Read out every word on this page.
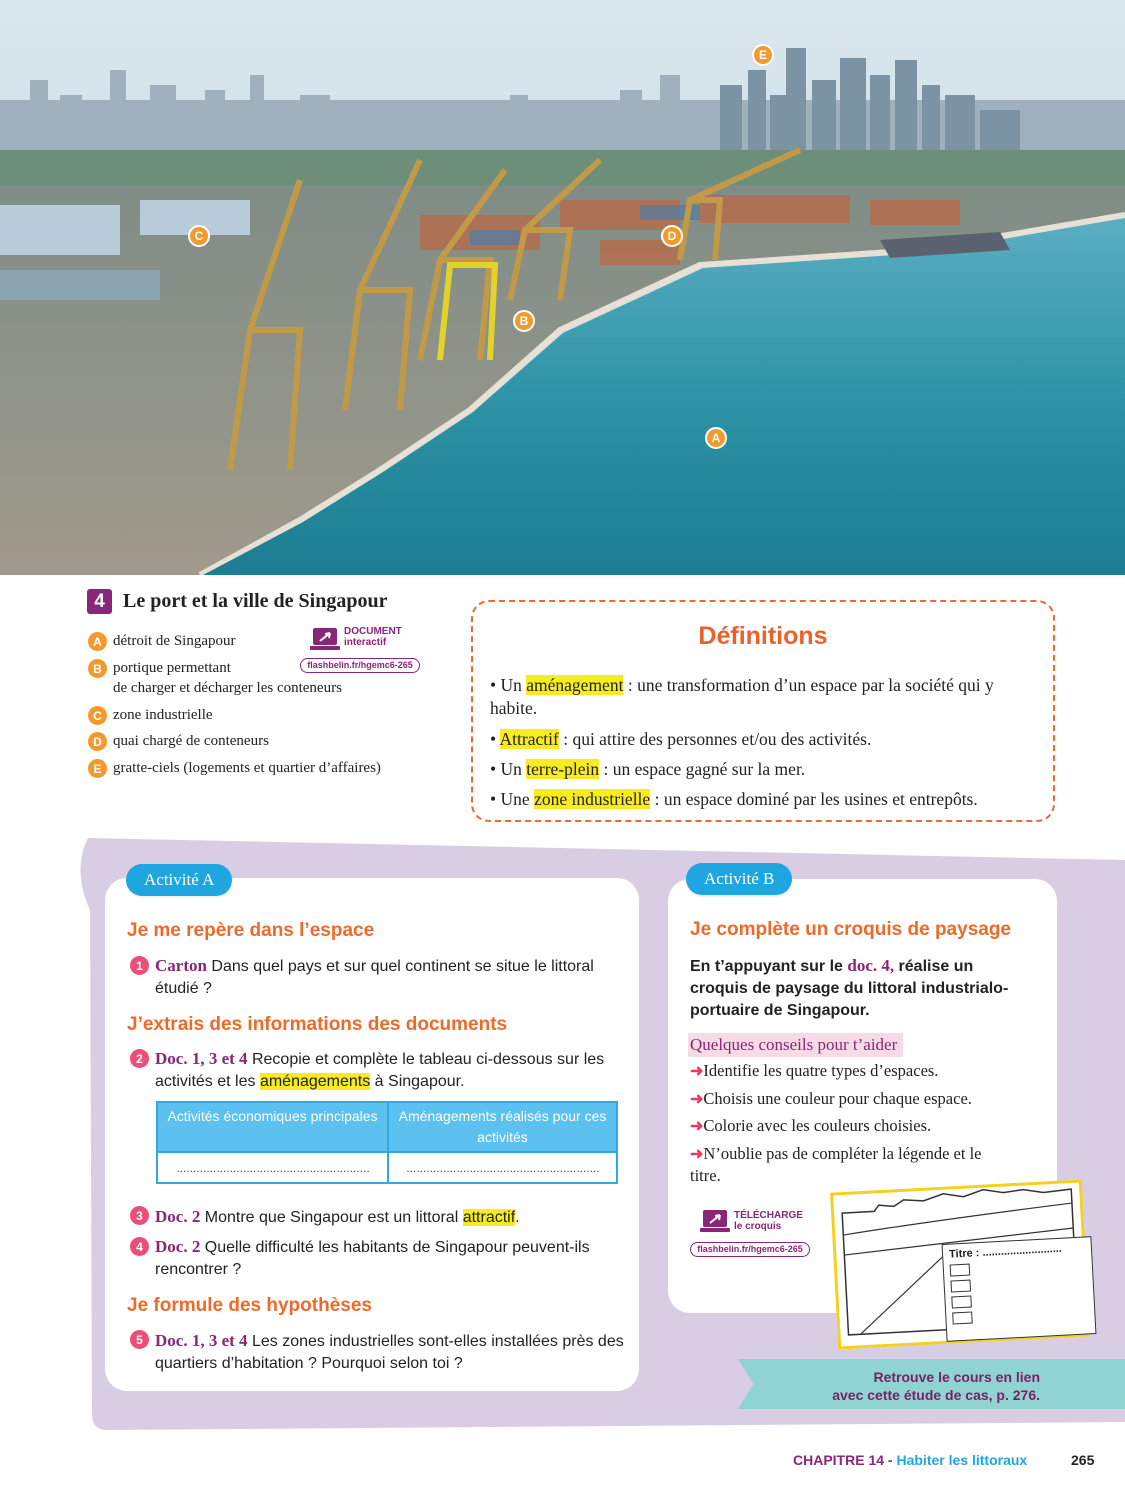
E
C	D
B
A
4 Le port et la ville de Singapour
A détroit de Singapour
B portique permettant
de charger et décharger les conteneurs
C zone industrielle
D quai chargé de conteneurs
E gratte-ciels (logements et quartier d’affaires)
DOCUMENT
interactif
flashbelin.fr/hgemc6-265
Définitions
• Un aménagement : une transformation d’un espace par la société qui y habite.
• Attractif : qui attire des personnes et/ou des activités.
• Un terre-plein : un espace gagné sur la mer.
• Une zone industrielle : un espace dominé par les usines et entrepôts.
Activité A
Je me repère dans l’espace
1 Carton Dans quel pays et sur quel continent se situe le littoral étudié ?
J’extrais des informations des documents
2 Doc. 1, 3 et 4 Recopie et complète le tableau ci-dessous sur les activités et les aménagements à Singapour.
Activités économiques principales	Aménagements réalisés pour ces activités
..........................................................	..........................................................
3 Doc. 2 Montre que Singapour est un littoral attractif.
4 Doc. 2 Quelle difficulté les habitants de Singapour peuvent-ils rencontrer ?
Je formule des hypothèses
5 Doc. 1, 3 et 4 Les zones industrielles sont-elles installées près des quartiers d’habitation ? Pourquoi selon toi ?
Activité B
Je complète un croquis de paysage
En t’appuyant sur le doc. 4, réalise un croquis de paysage du littoral industrialo-portuaire de Singapour.
Quelques conseils pour t’aider
➜Identifie les quatre types d’espaces.
➜Choisis une couleur pour chaque espace.
➜Colorie avec les couleurs choisies.
➜N’oublie pas de compléter la légende et le titre.
TÉLÉCHARGE
le croquis
flashbelin.fr/hgemc6-265	Titre : ..........................
Retrouve le cours en lien
avec cette étude de cas, p. 276.
CHAPITRE 14 - Habiter les littoraux	265
